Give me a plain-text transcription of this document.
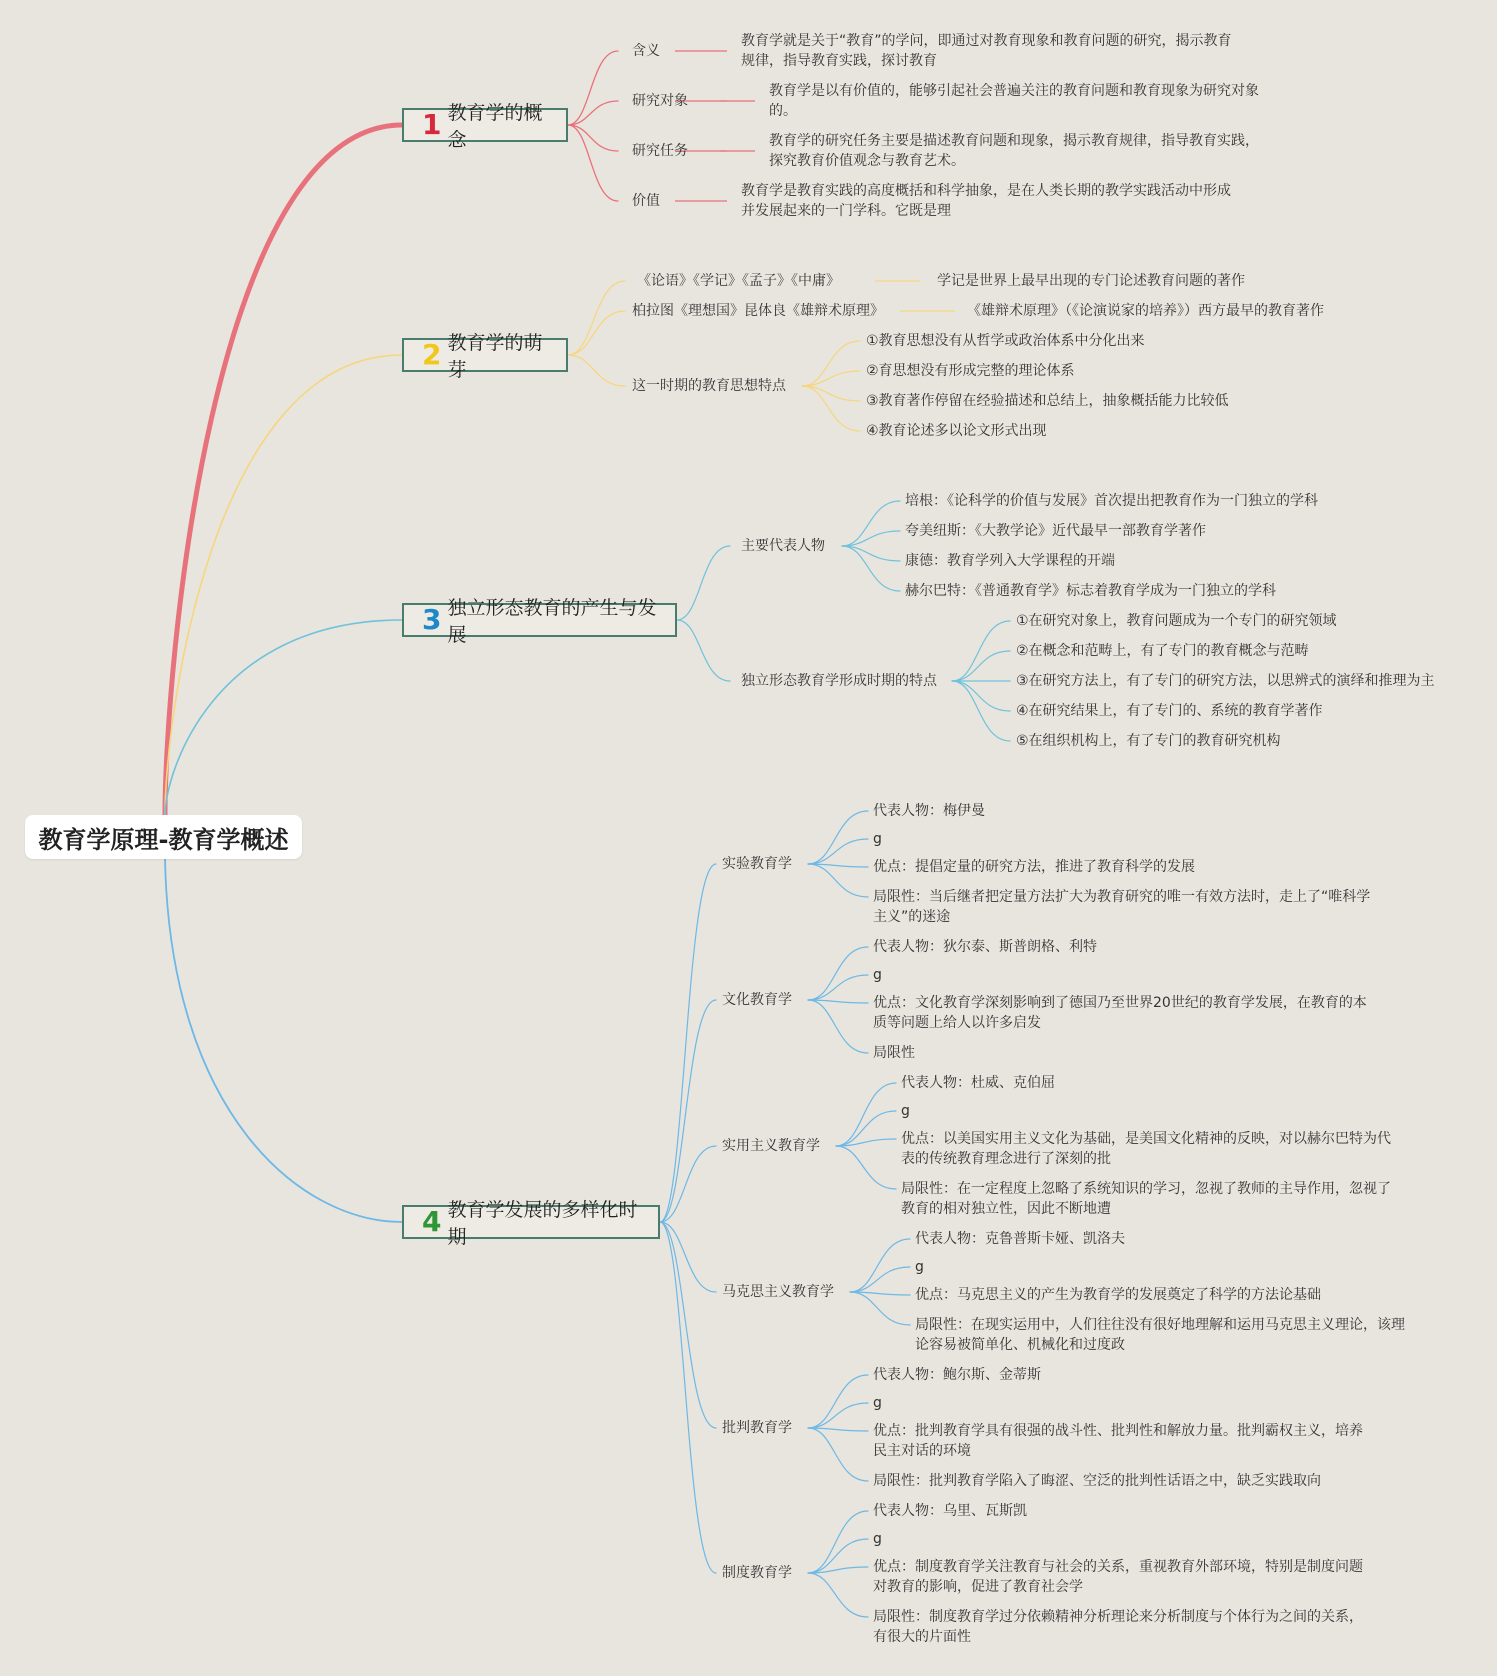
教育学原理-教育学概述
1 教育学的概念
含义
教育学就是关于“教育”的学问，即通过对教育现象和教育问题的研究，揭示教育规律，指导教育实践，探讨教育
研究对象
教育学是以有价值的，能够引起社会普遍关注的教育问题和教育现象为研究对象的。
研究任务
教育学的研究任务主要是描述教育问题和现象，揭示教育规律，指导教育实践，探究教育价值观念与教育艺术。
价值
教育学是教育实践的高度概括和科学抽象，是在人类长期的教学实践活动中形成并发展起来的一门学科。它既是理
2 教育学的萌芽
《论语》《学记》《孟子》《中庸》	学记是世界上最早出现的专门论述教育问题的著作
柏拉图《理想国》昆体良《雄辩术原理》	《雄辩术原理》（《论演说家的培养》）西方最早的教育著作
这一时期的教育思想特点
①教育思想没有从哲学或政治体系中分化出来
②育思想没有形成完整的理论体系
③教育著作停留在经验描述和总结上，抽象概括能力比较低
④教育论述多以论文形式出现
3 独立形态教育的产生与发展
主要代表人物
培根：《论科学的价值与发展》首次提出把教育作为一门独立的学科
夸美纽斯：《大教学论》近代最早一部教育学著作
康德：教育学列入大学课程的开端
赫尔巴特：《普通教育学》标志着教育学成为一门独立的学科
独立形态教育学形成时期的特点
①在研究对象上，教育问题成为一个专门的研究领域
②在概念和范畴上，有了专门的教育概念与范畴
③在研究方法上，有了专门的研究方法，以思辨式的演绎和推理为主
④在研究结果上，有了专门的、系统的教育学著作
⑤在组织机构上，有了专门的教育研究机构
4 教育学发展的多样化时期
实验教育学
代表人物：梅伊曼
g
优点：提倡定量的研究方法，推进了教育科学的发展
局限性：当后继者把定量方法扩大为教育研究的唯一有效方法时，走上了“唯科学主义”的迷途
文化教育学
代表人物：狄尔泰、斯普朗格、利特
g
优点：文化教育学深刻影响到了德国乃至世界20世纪的教育学发展，在教育的本质等问题上给人以许多启发
局限性
实用主义教育学
代表人物：杜威、克伯屈
g
优点：以美国实用主义文化为基础，是美国文化精神的反映，对以赫尔巴特为代表的传统教育理念进行了深刻的批
局限性：在一定程度上忽略了系统知识的学习，忽视了教师的主导作用，忽视了教育的相对独立性，因此不断地遭
马克思主义教育学
代表人物：克鲁普斯卡娅、凯洛夫
g
优点：马克思主义的产生为教育学的发展奠定了科学的方法论基础
局限性：在现实运用中，人们往往没有很好地理解和运用马克思主义理论，该理论容易被简单化、机械化和过度政
批判教育学
代表人物：鲍尔斯、金蒂斯
g
优点：批判教育学具有很强的战斗性、批判性和解放力量。批判霸权主义，培养民主对话的环境
局限性：批判教育学陷入了晦涩、空泛的批判性话语之中，缺乏实践取向
制度教育学
代表人物：乌里、瓦斯凯
g
优点：制度教育学关注教育与社会的关系，重视教育外部环境，特别是制度问题对教育的影响，促进了教育社会学
局限性：制度教育学过分依赖精神分析理论来分析制度与个体行为之间的关系，有很大的片面性
